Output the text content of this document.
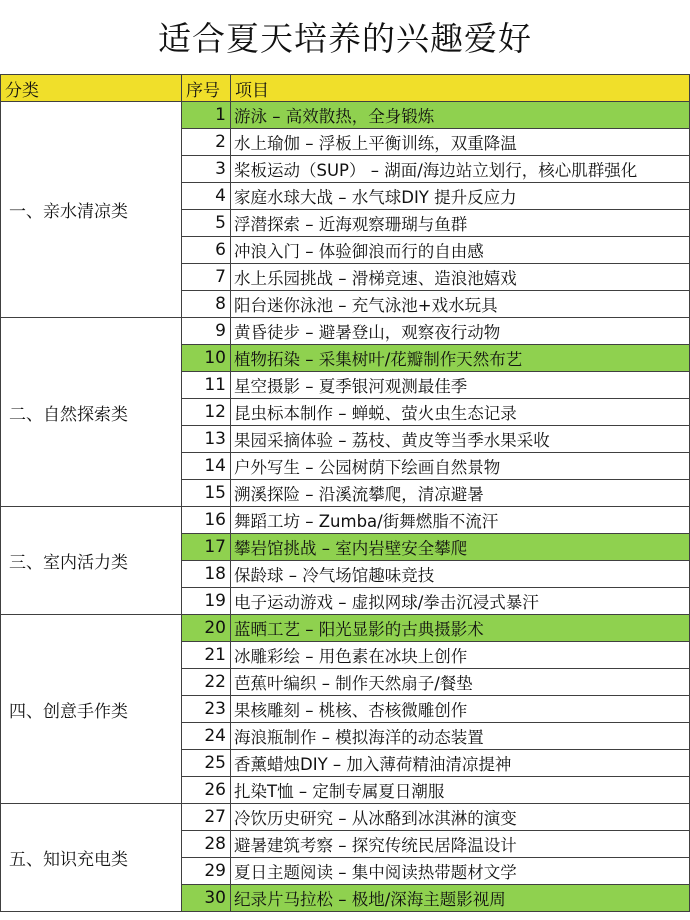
适合夏天培养的兴趣爱好
分类	序号	项目
一、亲水清凉类	1	游泳 – 高效散热，全身锻炼
	2	水上瑜伽 – 浮板上平衡训练，双重降温
	3	桨板运动（SUP） – 湖面/海边站立划行，核心肌群强化
	4	家庭水球大战 – 水气球DIY 提升反应力
	5	浮潜探索 – 近海观察珊瑚与鱼群
	6	冲浪入门 – 体验御浪而行的自由感
	7	水上乐园挑战 – 滑梯竞速、造浪池嬉戏
	8	阳台迷你泳池 – 充气泳池+戏水玩具
二、自然探索类	9	黄昏徒步 – 避暑登山，观察夜行动物
	10	植物拓染 – 采集树叶/花瓣制作天然布艺
	11	星空摄影 – 夏季银河观测最佳季
	12	昆虫标本制作 – 蝉蜕、萤火虫生态记录
	13	果园采摘体验 – 荔枝、黄皮等当季水果采收
	14	户外写生 – 公园树荫下绘画自然景物
	15	溯溪探险 – 沿溪流攀爬，清凉避暑
三、室内活力类	16	舞蹈工坊 – Zumba/街舞燃脂不流汗
	17	攀岩馆挑战 – 室内岩壁安全攀爬
	18	保龄球 – 冷气场馆趣味竞技
	19	电子运动游戏 – 虚拟网球/拳击沉浸式暴汗
四、创意手作类	20	蓝晒工艺 – 阳光显影的古典摄影术
	21	冰雕彩绘 – 用色素在冰块上创作
	22	芭蕉叶编织 – 制作天然扇子/餐垫
	23	果核雕刻 – 桃核、杏核微雕创作
	24	海浪瓶制作 – 模拟海洋的动态装置
	25	香薰蜡烛DIY – 加入薄荷精油清凉提神
	26	扎染T恤 – 定制专属夏日潮服
五、知识充电类	27	冷饮历史研究 – 从冰酪到冰淇淋的演变
	28	避暑建筑考察 – 探究传统民居降温设计
	29	夏日主题阅读 – 集中阅读热带题材文学
	30	纪录片马拉松 – 极地/深海主题影视周
